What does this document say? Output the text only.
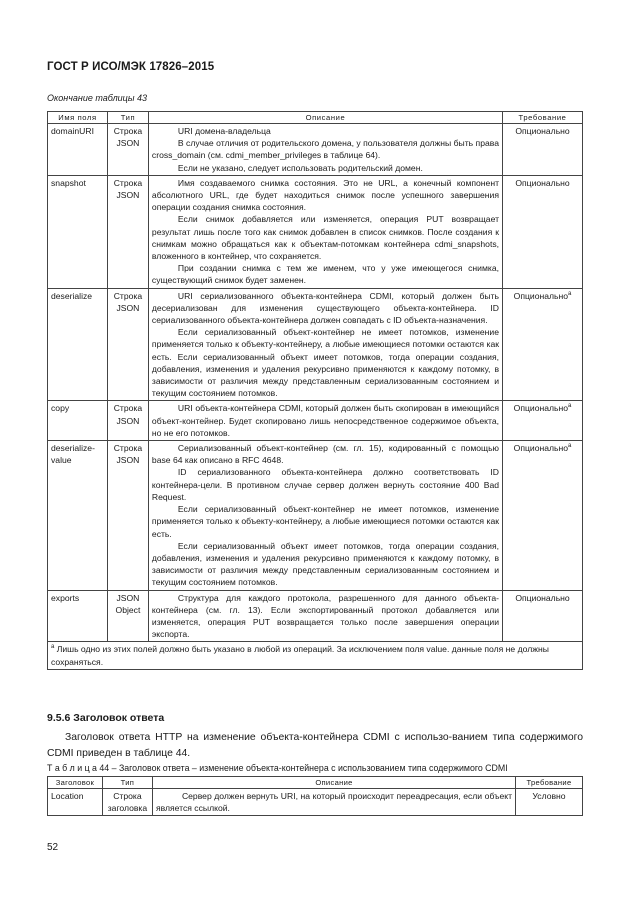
ГОСТ Р ИСО/МЭК 17826–2015
Окончание таблицы 43
Имя поля	Тип	Описание	Требование
domainURI	Строка JSON	URI домена-владельца

В случае отличия от родительского домена, у пользователя должны быть права cross_domain (см. cdmi_member_privileges в таблице 64).

Если не указано, следует использовать родительский домен.	Опционально
snapshot	Строка JSON	Имя создаваемого снимка состояния. Это не URL, а конечный компонент абсолютного URL, где будет находиться снимок после успешного завершения операции создания снимка состояния.

Если снимок добавляется или изменяется, операция PUT возвращает результат лишь после того как снимок добавлен в список снимков. После создания к снимкам можно обращаться как к объектам-потомкам контейнера cdmi_snapshots, вложенного в контейнер, что сохраняется.

При создании снимка с тем же именем, что у уже имеющегося снимка, существующий снимок будет заменен.	Опционально
deserialize	Строка JSON	URI сериализованного объекта-контейнера CDMI, который должен быть десериализован для изменения существующего объекта-контейнера. ID сериализованного объекта-контейнера должен совпадать с ID объекта-назначения.

Если сериализованный объект-контейнер не имеет потомков, изменение применяется только к объекту-контейнеру, а любые имеющиеся потомки остаются как есть. Если сериализованный объект имеет потомков, тогда операции создания, добавления, изменения и удаления рекурсивно применяются к каждому потомку, в зависимости от различия между представленным сериализованным состоянием и текущим состоянием потомков.	Опционально$^a$
copy	Строка JSON	URI объекта-контейнера CDMI, который должен быть скопирован в имеющийся объект-контейнер. Будет скопировано лишь непосредственное содержимое объекта, но не его потомков.	Опционально$^a$
deserialize-value	Строка JSON	Сериализованный объект-контейнер (см. гл. 15), кодированный с помощью base 64 как описано в RFC 4648.

ID сериализованного объекта-контейнера должно соответствовать ID контейнера-цели. В противном случае сервер должен вернуть состояние 400 Bad Request.

Если сериализованный объект-контейнер не имеет потомков, изменение применяется только к объекту-контейнеру, а любые имеющиеся потомки остаются как есть.

Если сериализованный объект имеет потомков, тогда операции создания, добавления, изменения и удаления рекурсивно применяются к каждому потомку, в зависимости от различия между представленным сериализованным состоянием и текущим состоянием потомков.	Опционально$^a$
exports	JSON Object	Структура для каждого протокола, разрешенного для данного объекта-контейнера (см. гл. 13). Если экспортированный протокол добавляется или изменяется, операция PUT возвращается только после завершения операции экспорта.	Опционально
$^a$ Лишь одно из этих полей должно быть указано в любой из операций. За исключением поля value. данные поля не должны сохраняться.			
9.5.6 Заголовок ответа
Заголовок ответа HTTP на изменение объекта-контейнера CDMI с использо-ванием типа содержимого CDMI приведен в таблице 44.
Т а б л и ц а 44 – Заголовок ответа – изменение объекта-контейнера с использованием типа содержимого CDMI
Заголовок	Тип	Описание	Требование
Location	Строка заголовка	Сервер должен вернуть URI, на который происходит переадресация, если объект является ссылкой.	Условно
52
